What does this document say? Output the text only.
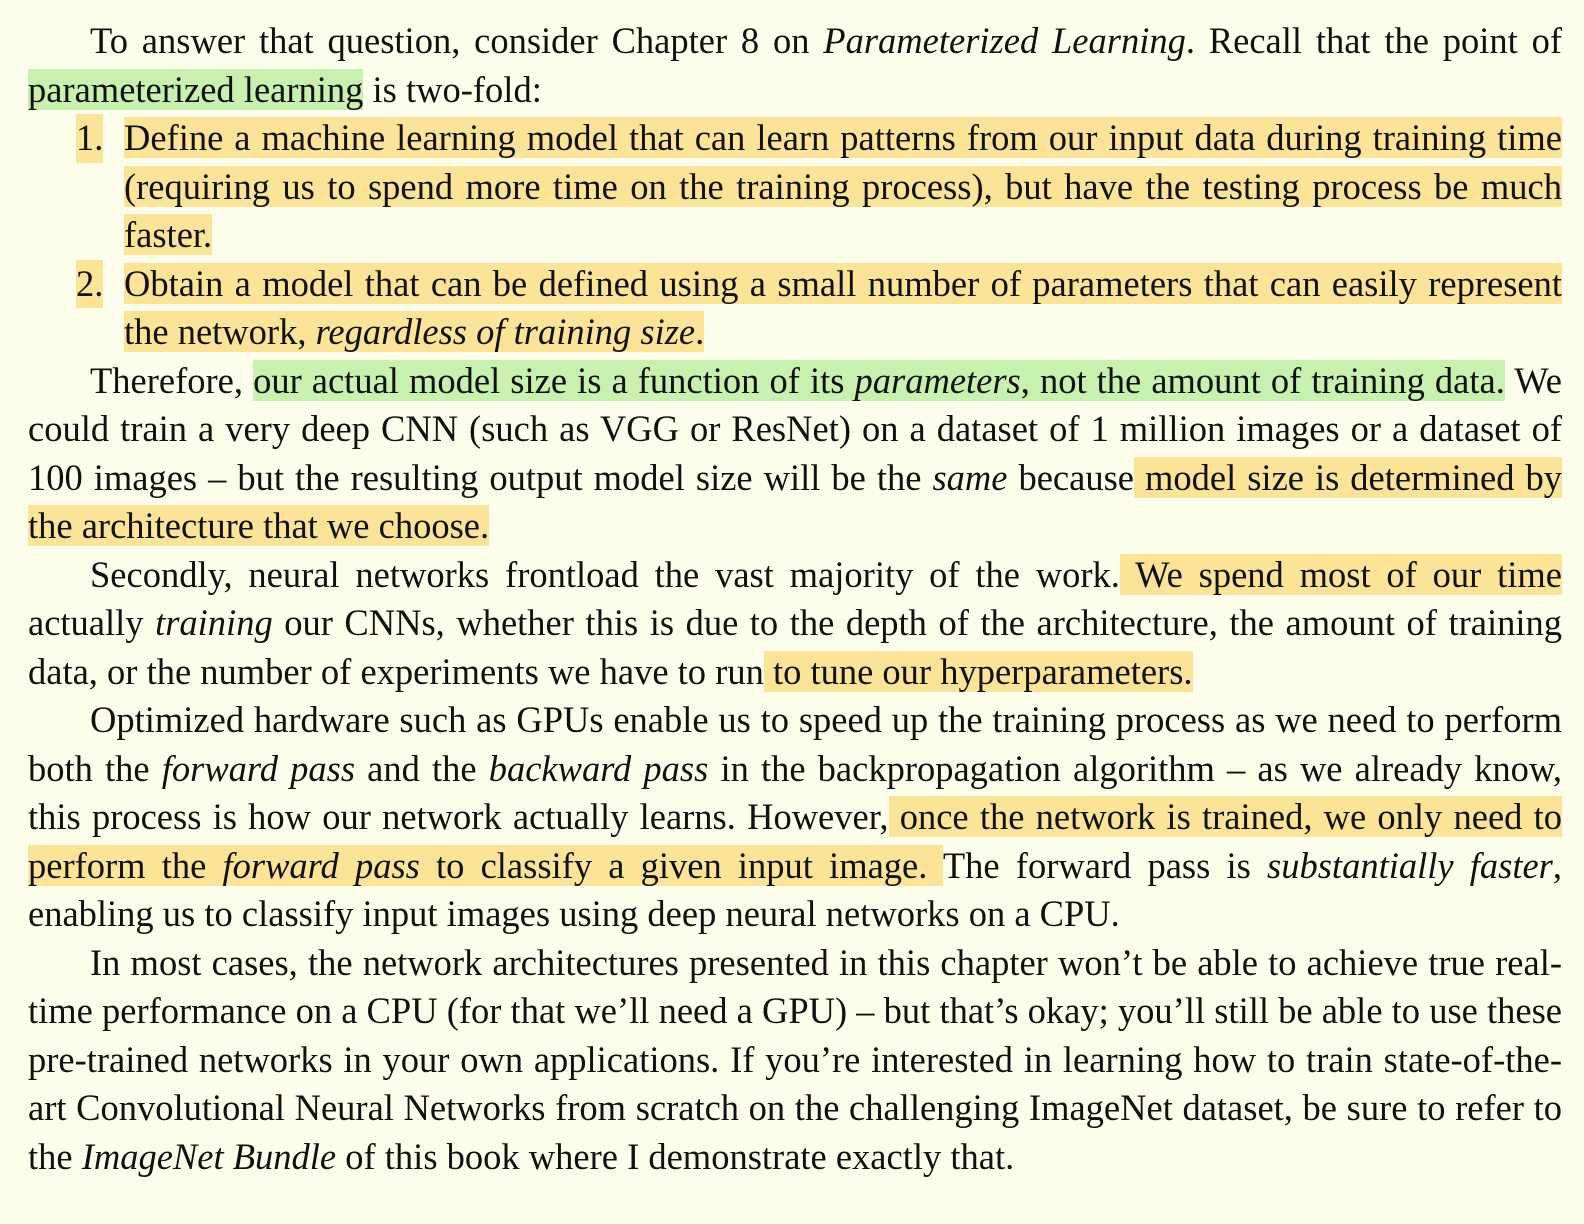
To answer that question, consider Chapter 8 on Parameterized Learning. Recall that the point of parameterized learning is two-fold:

1. Define a machine learning model that can learn patterns from our input data during training time (requiring us to spend more time on the training process), but have the testing process be much faster.
2. Obtain a model that can be defined using a small number of parameters that can easily represent the network, regardless of training size.

Therefore, our actual model size is a function of its parameters, not the amount of training data. We could train a very deep CNN (such as VGG or ResNet) on a dataset of 1 million images or a dataset of 100 images – but the resulting output model size will be the same because model size is determined by the architecture that we choose.

Secondly, neural networks frontload the vast majority of the work. We spend most of our time actually training our CNNs, whether this is due to the depth of the architecture, the amount of training data, or the number of experiments we have to run to tune our hyperparameters.

Optimized hardware such as GPUs enable us to speed up the training process as we need to perform both the forward pass and the backward pass in the backpropagation algorithm – as we already know, this process is how our network actually learns. However, once the network is trained, we only need to perform the forward pass to classify a given input image. The forward pass is substantially faster, enabling us to classify input images using deep neural networks on a CPU.

In most cases, the network architectures presented in this chapter won’t be able to achieve true real-time performance on a CPU (for that we’ll need a GPU) – but that’s okay; you’ll still be able to use these pre-trained networks in your own applications. If you’re interested in learning how to train state-of-the-art Convolutional Neural Networks from scratch on the challenging ImageNet dataset, be sure to refer to the ImageNet Bundle of this book where I demonstrate exactly that.
